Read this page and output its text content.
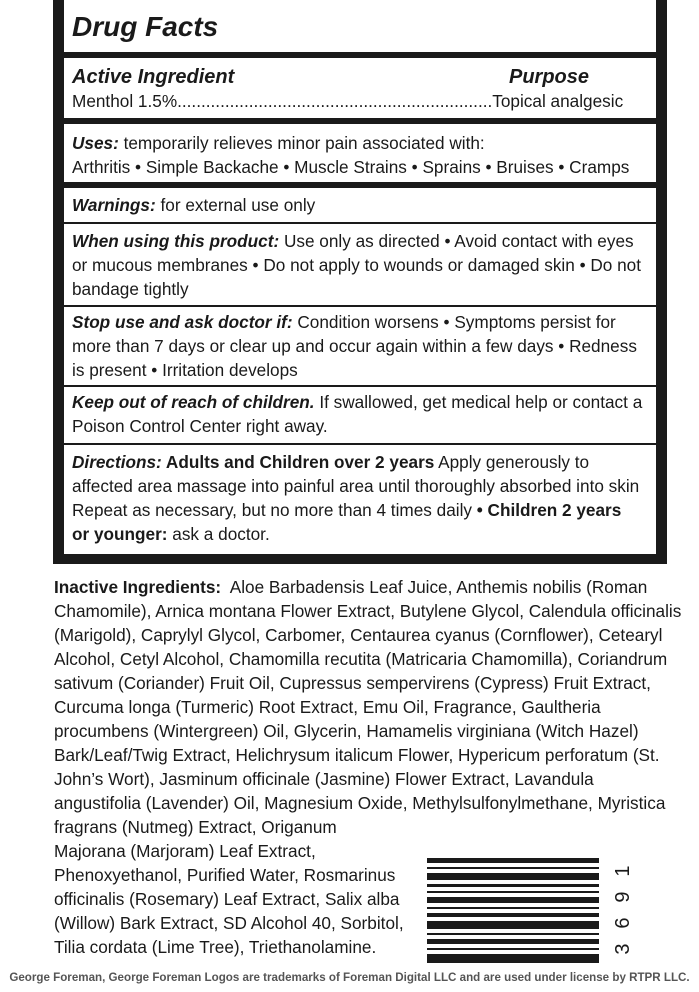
Drug Facts
Active Ingredient	Purpose
Menthol 1.5%..................................................................Topical analgesic
Uses: temporarily relieves minor pain associated with:
Arthritis • Simple Backache • Muscle Strains • Sprains • Bruises • Cramps
Warnings: for external use only
When using this product: Use only as directed • Avoid contact with eyes
or mucous membranes • Do not apply to wounds or damaged skin • Do not
bandage tightly
Stop use and ask doctor if: Condition worsens • Symptoms persist for
more than 7 days or clear up and occur again within a few days • Redness
is present • Irritation develops
Keep out of reach of children. If swallowed, get medical help or contact a
Poison Control Center right away.
Directions: Adults and Children over 2 years Apply generously to
affected area massage into painful area until thoroughly absorbed into skin
Repeat as necessary, but no more than 4 times daily • Children 2 years
or younger: ask a doctor.
Inactive Ingredients:  Aloe Barbadensis Leaf Juice, Anthemis nobilis (Roman
Chamomile), Arnica montana Flower Extract, Butylene Glycol, Calendula officinalis
(Marigold), Caprylyl Glycol, Carbomer, Centaurea cyanus (Cornflower), Cetearyl
Alcohol, Cetyl Alcohol, Chamomilla recutita (Matricaria Chamomilla), Coriandrum
sativum (Coriander) Fruit Oil, Cupressus sempervirens (Cypress) Fruit Extract,
Curcuma longa (Turmeric) Root Extract, Emu Oil, Fragrance, Gaultheria
procumbens (Wintergreen) Oil, Glycerin, Hamamelis virginiana (Witch Hazel)
Bark/Leaf/Twig Extract, Helichrysum italicum Flower, Hypericum perforatum (St.
John’s Wort), Jasminum officinale (Jasmine) Flower Extract, Lavandula
angustifolia (Lavender) Oil, Magnesium Oxide, Methylsulfonylmethane, Myristica
fragrans (Nutmeg) Extract, Origanum
Majorana (Marjoram) Leaf Extract,
Phenoxyethanol, Purified Water, Rosmarinus
officinalis (Rosemary) Leaf Extract, Salix alba
(Willow) Bark Extract, SD Alcohol 40, Sorbitol,
Tilia cordata (Lime Tree), Triethanolamine.
1
9
6
3
George Foreman, George Foreman Logos are trademarks of Foreman Digital LLC and are used under license by RTPR LLC.
